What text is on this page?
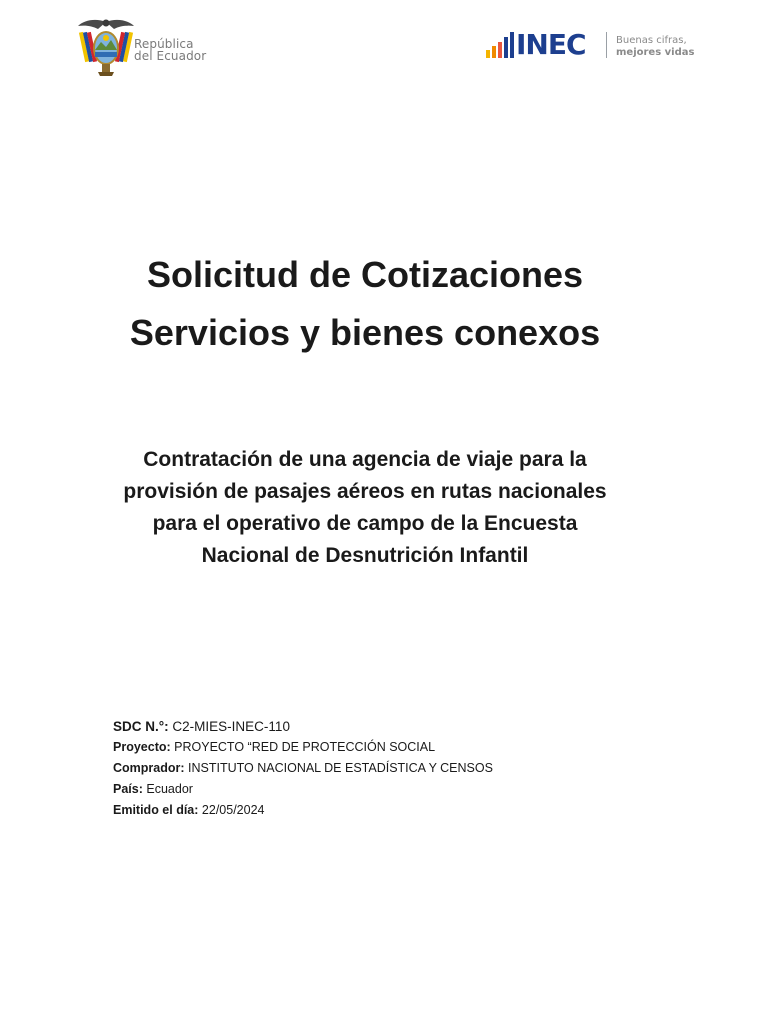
República
del Ecuador	INEC	Buenas cifras,
mejores vidas
Solicitud de Cotizaciones
Servicios y bienes conexos
Contratación de una agencia de viaje para la
provisión de pasajes aéreos en rutas nacionales
para el operativo de campo de la Encuesta
Nacional de Desnutrición Infantil
SDC N.°: C2-MIES-INEC-110
Proyecto: PROYECTO “RED DE PROTECCIÓN SOCIAL
Comprador: INSTITUTO NACIONAL DE ESTADÍSTICA Y CENSOS
País: Ecuador
Emitido el día: 22/05/2024
